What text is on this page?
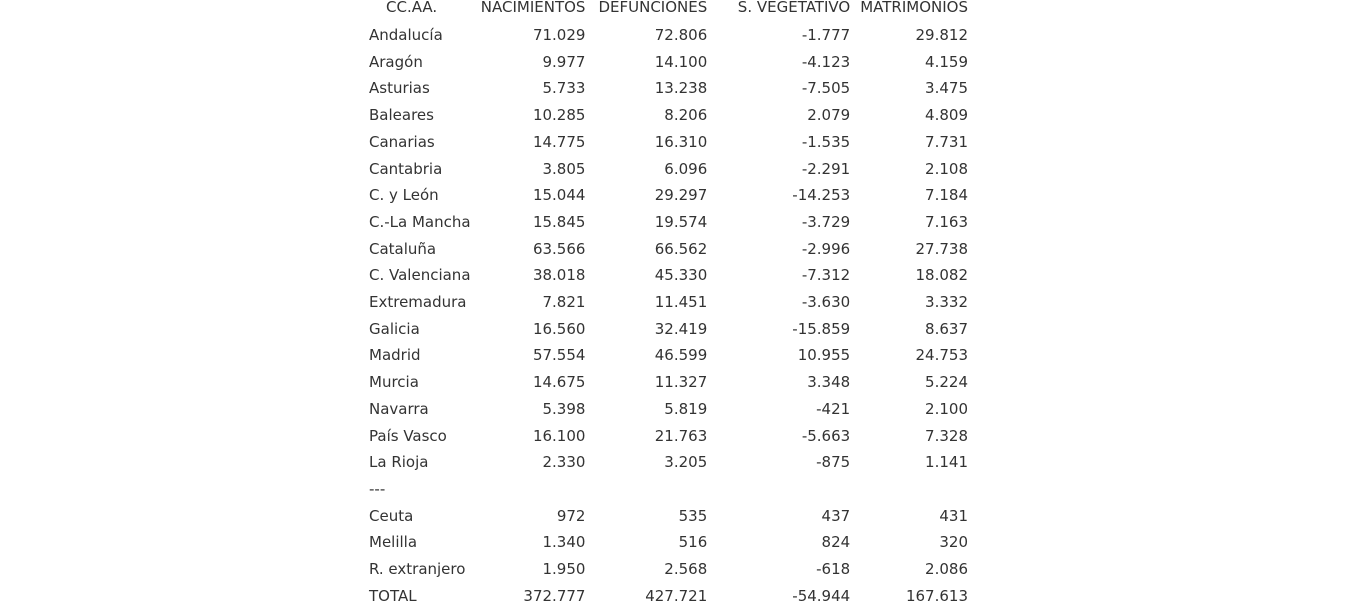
CC.AA.	NACIMIENTOS	DEFUNCIONES	S. VEGETATIVO	MATRIMONIOS
Andalucía	71.029	72.806	-1.777	29.812
Aragón	9.977	14.100	-4.123	4.159
Asturias	5.733	13.238	-7.505	3.475
Baleares	10.285	8.206	2.079	4.809
Canarias	14.775	16.310	-1.535	7.731
Cantabria	3.805	6.096	-2.291	2.108
C. y León	15.044	29.297	-14.253	7.184
C.-La Mancha	15.845	19.574	-3.729	7.163
Cataluña	63.566	66.562	-2.996	27.738
C. Valenciana	38.018	45.330	-7.312	18.082
Extremadura	7.821	11.451	-3.630	3.332
Galicia	16.560	32.419	-15.859	8.637
Madrid	57.554	46.599	10.955	24.753
Murcia	14.675	11.327	3.348	5.224
Navarra	5.398	5.819	-421	2.100
País Vasco	16.100	21.763	-5.663	7.328
La Rioja	2.330	3.205	-875	1.141
---				
Ceuta	972	535	437	431
Melilla	1.340	516	824	320
R. extranjero	1.950	2.568	-618	2.086
TOTAL	372.777	427.721	-54.944	167.613
